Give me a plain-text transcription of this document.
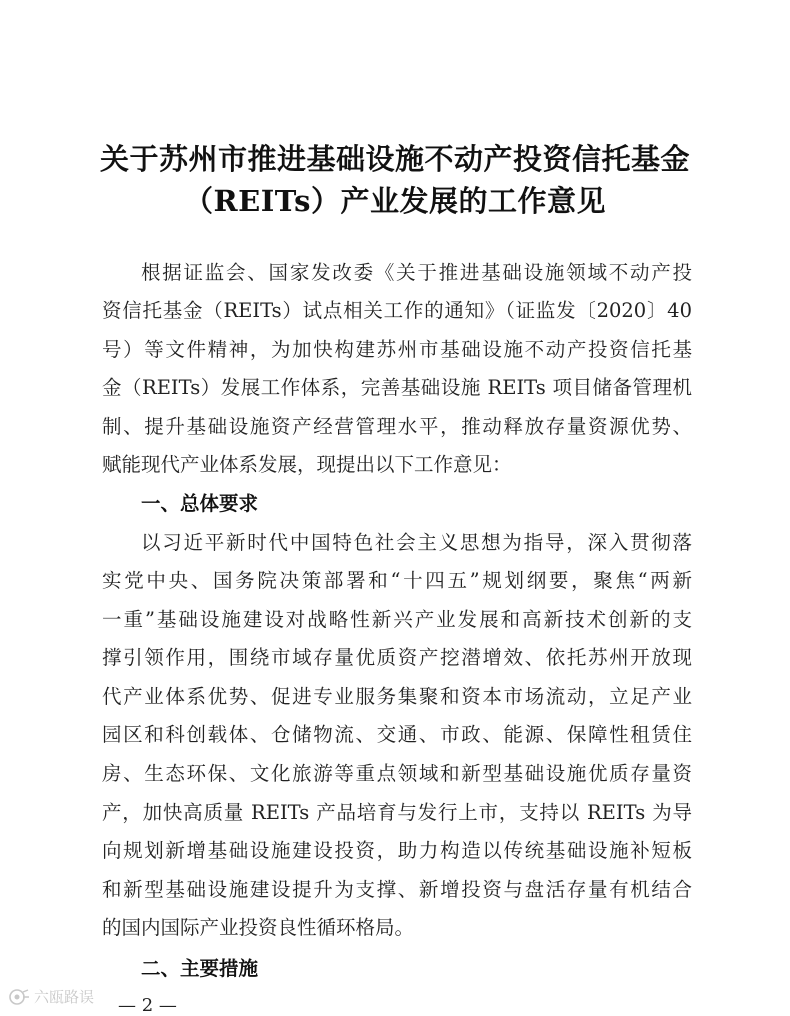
关于苏州市推进基础设施不动产投资信托基金
（REITs）产业发展的工作意见
根据证监会、国家发改委《关于推进基础设施领域不动产投
资信托基金（REITs）试点相关工作的通知》（证监发〔2020〕40
号）等文件精神，为加快构建苏州市基础设施不动产投资信托基
金（REITs）发展工作体系，完善基础设施 REITs 项目储备管理机
制、提升基础设施资产经营管理水平，推动释放存量资源优势、
赋能现代产业体系发展，现提出以下工作意见：
一、总体要求
以习近平新时代中国特色社会主义思想为指导，深入贯彻落
实党中央、国务院决策部署和“十四五”规划纲要，聚焦“两新
一重”基础设施建设对战略性新兴产业发展和高新技术创新的支
撑引领作用，围绕市域存量优质资产挖潜增效、依托苏州开放现
代产业体系优势、促进专业服务集聚和资本市场流动，立足产业
园区和科创载体、仓储物流、交通、市政、能源、保障性租赁住
房、生态环保、文化旅游等重点领域和新型基础设施优质存量资
产，加快高质量 REITs 产品培育与发行上市，支持以 REITs 为导
向规划新增基础设施建设投资，助力构造以传统基础设施补短板
和新型基础设施建设提升为支撑、新增投资与盘活存量有机结合
的国内国际产业投资良性循环格局。
二、主要措施
— 2 —
六瓯路误
